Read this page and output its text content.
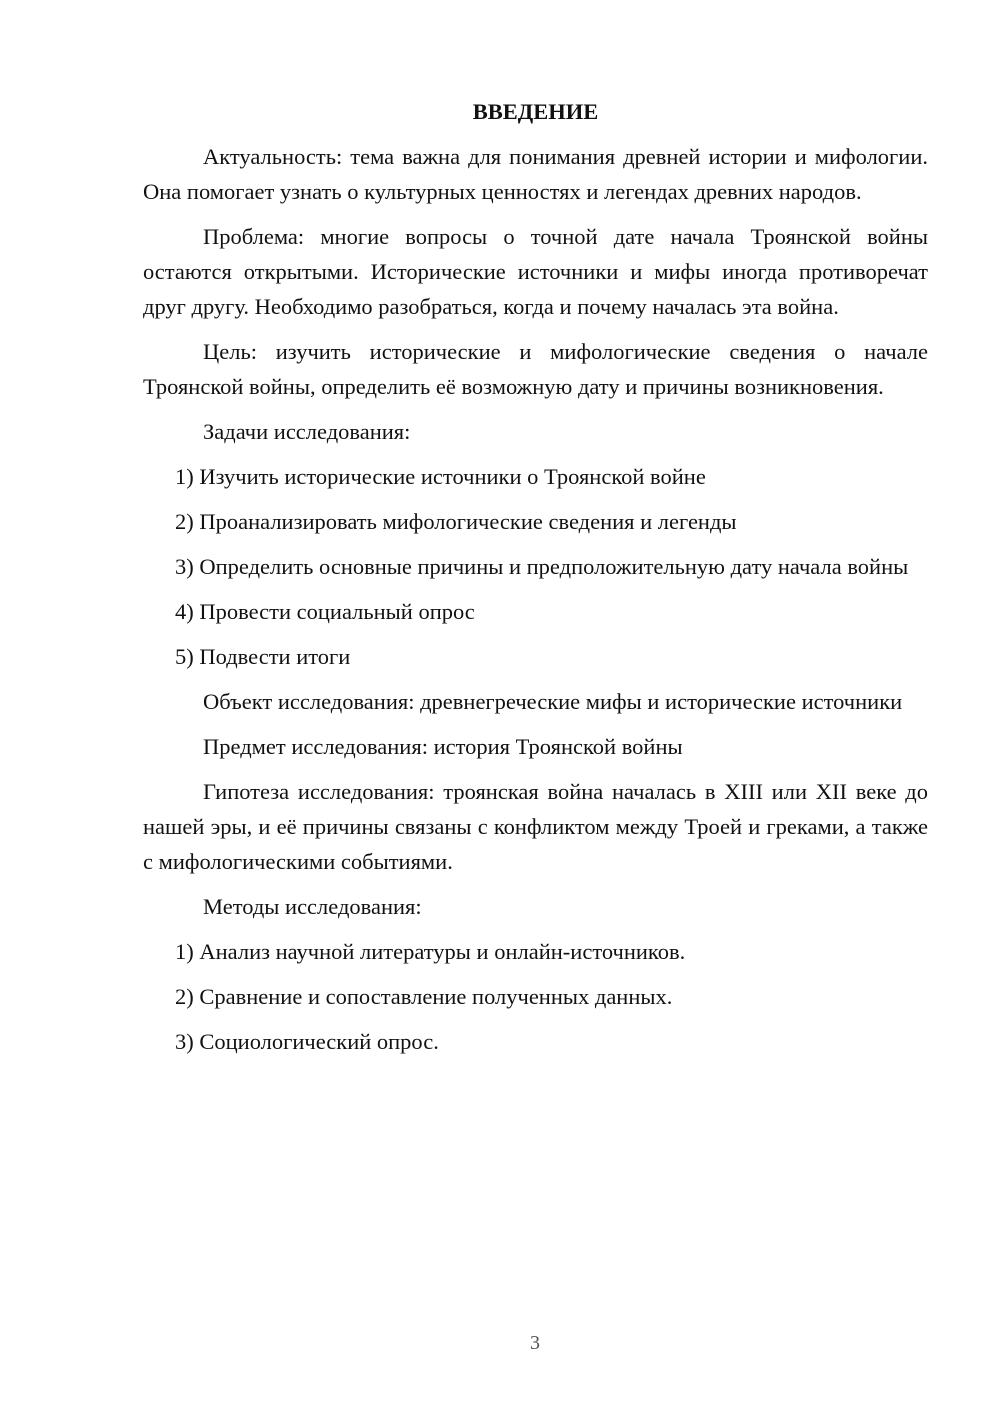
ВВЕДЕНИЕ

Актуальность: тема важна для понимания древней истории и мифологии. Она помогает узнать о культурных ценностях и легендах древних народов.

Проблема: многие вопросы о точной дате начала Троянской войны остаются открытыми. Исторические источники и мифы иногда противоречат друг другу. Необходимо разобраться, когда и почему началась эта война.

Цель: изучить исторические и мифологические сведения о начале Троянской войны, определить её возможную дату и причины возникновения.

Задачи исследования:

1) Изучить исторические источники о Троянской войне

2) Проанализировать мифологические сведения и легенды

3) Определить основные причины и предположительную дату начала войны

4) Провести социальный опрос

5) Подвести итоги

Объект исследования: древнегреческие мифы и исторические источники

Предмет исследования: история Троянской войны

Гипотеза исследования: троянская война началась в XIII или XII веке до нашей эры, и её причины связаны с конфликтом между Троей и греками, а также с мифологическими событиями.

Методы исследования:

1) Анализ научной литературы и онлайн-источников.

2) Сравнение и сопоставление полученных данных.

3) Социологический опрос.

3
